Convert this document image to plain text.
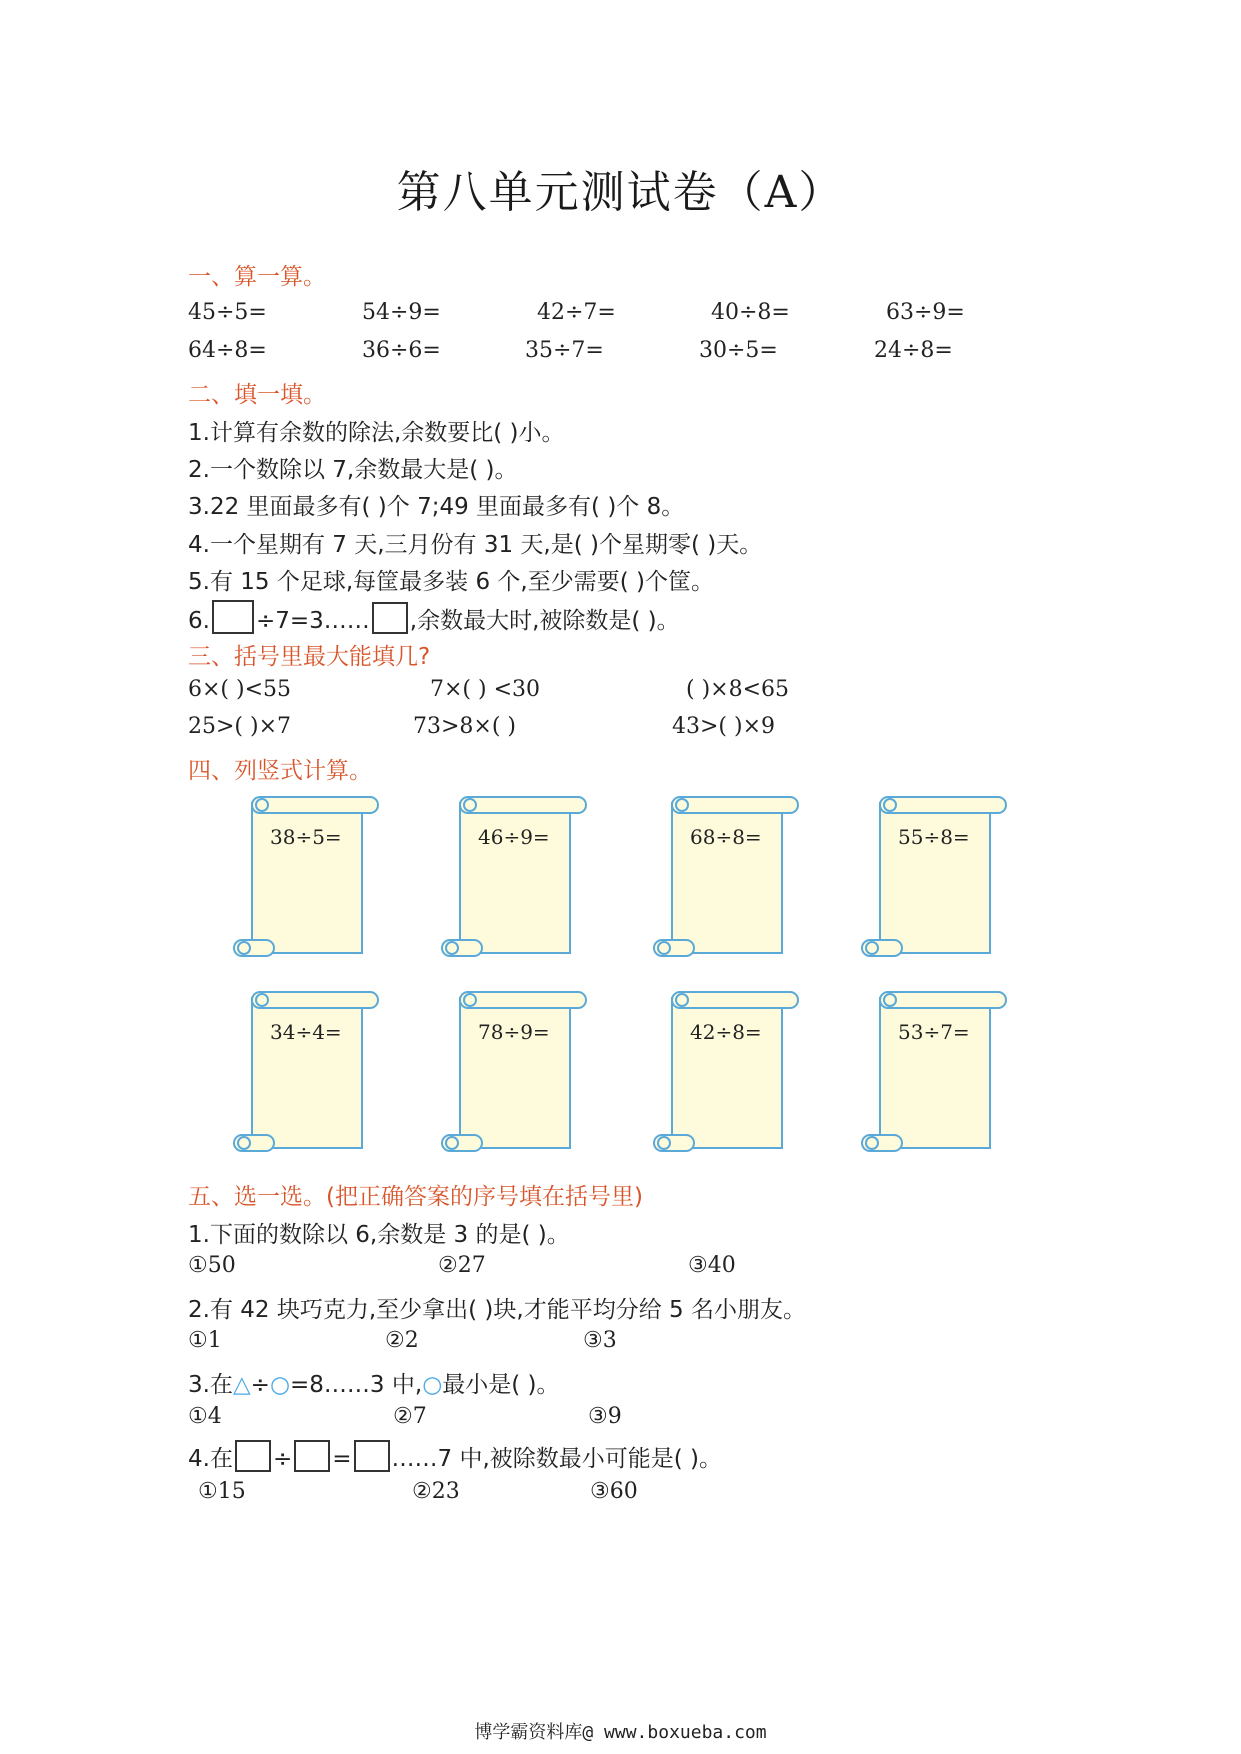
第八单元测试卷（A）
一、算一算。
45÷5=	54÷9=	42÷7=	40÷8=	63÷9=
64÷8=	36÷6=	35÷7=	30÷5=	24÷8=
二、填一填。
1.计算有余数的除法,余数要比( )小。
2.一个数除以 7,余数最大是( )。
3.22 里面最多有( )个 7;49 里面最多有( )个 8。
4.一个星期有 7 天,三月份有 31 天,是( )个星期零( )天。
5.有 15 个足球,每筐最多装 6 个,至少需要( )个筐。
6. ÷7=3…… ,余数最大时,被除数是( )。
三、括号里最大能填几?
6×( )<55	7×( ) <30	( )×8<65
25>( )×7	73>8×( )	43>( )×9
四、列竖式计算。
38÷5=	46÷9=	68÷8=	55÷8=
34÷4=	78÷9=	42÷8=	53÷7=
五、选一选。(把正确答案的序号填在括号里)
1.下面的数除以 6,余数是 3 的是( )。
①50	②27	③40
2.有 42 块巧克力,至少拿出( )块,才能平均分给 5 名小朋友。
①1	②2	③3
3.在△÷○=8……3 中,○最小是( )。
①4	②7	③9
4.在 ÷ = ……7 中,被除数最小可能是( )。
①15	②23	③60
博学霸资料库@ www.boxueba.com
